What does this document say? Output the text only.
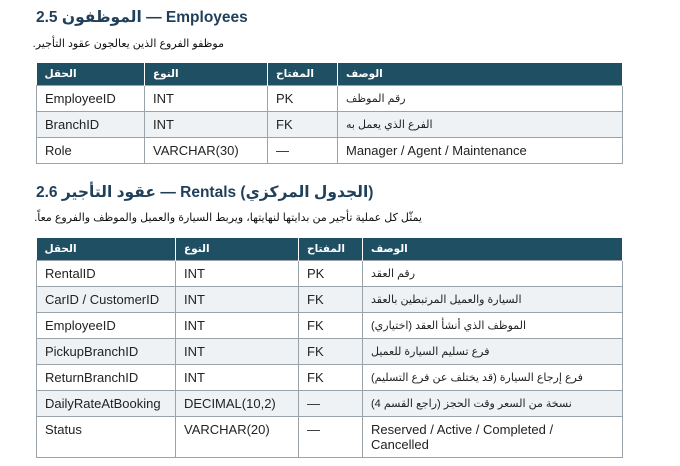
2.5 الموظفون — Employees
موظفو الفروع الذين يعالجون عقود التأجير.
الحقل	النوع	المفتاح	الوصف
EmployeeID	INT	PK	رقم الموظف
BranchID	INT	FK	الفرع الذي يعمل به
Role	VARCHAR(30)	—	Manager / Agent / Maintenance
2.6 عقود التأجير — Rentals (الجدول المركزي)
يمثّل كل عملية تأجير من بدايتها لنهايتها، ويربط السيارة والعميل والموظف والفروع معاً.
الحقل	النوع	المفتاح	الوصف
RentalID	INT	PK	رقم العقد
CarID / CustomerID	INT	FK	السيارة والعميل المرتبطين بالعقد
EmployeeID	INT	FK	الموظف الذي أنشأ العقد (اختياري)
PickupBranchID	INT	FK	فرع تسليم السيارة للعميل
ReturnBranchID	INT	FK	فرع إرجاع السيارة (قد يختلف عن فرع التسليم)
DailyRateAtBooking	DECIMAL(10,2)	—	نسخة من السعر وقت الحجز (راجع القسم 4)
Status	VARCHAR(20)	—	Reserved / Active / Completed / Cancelled
